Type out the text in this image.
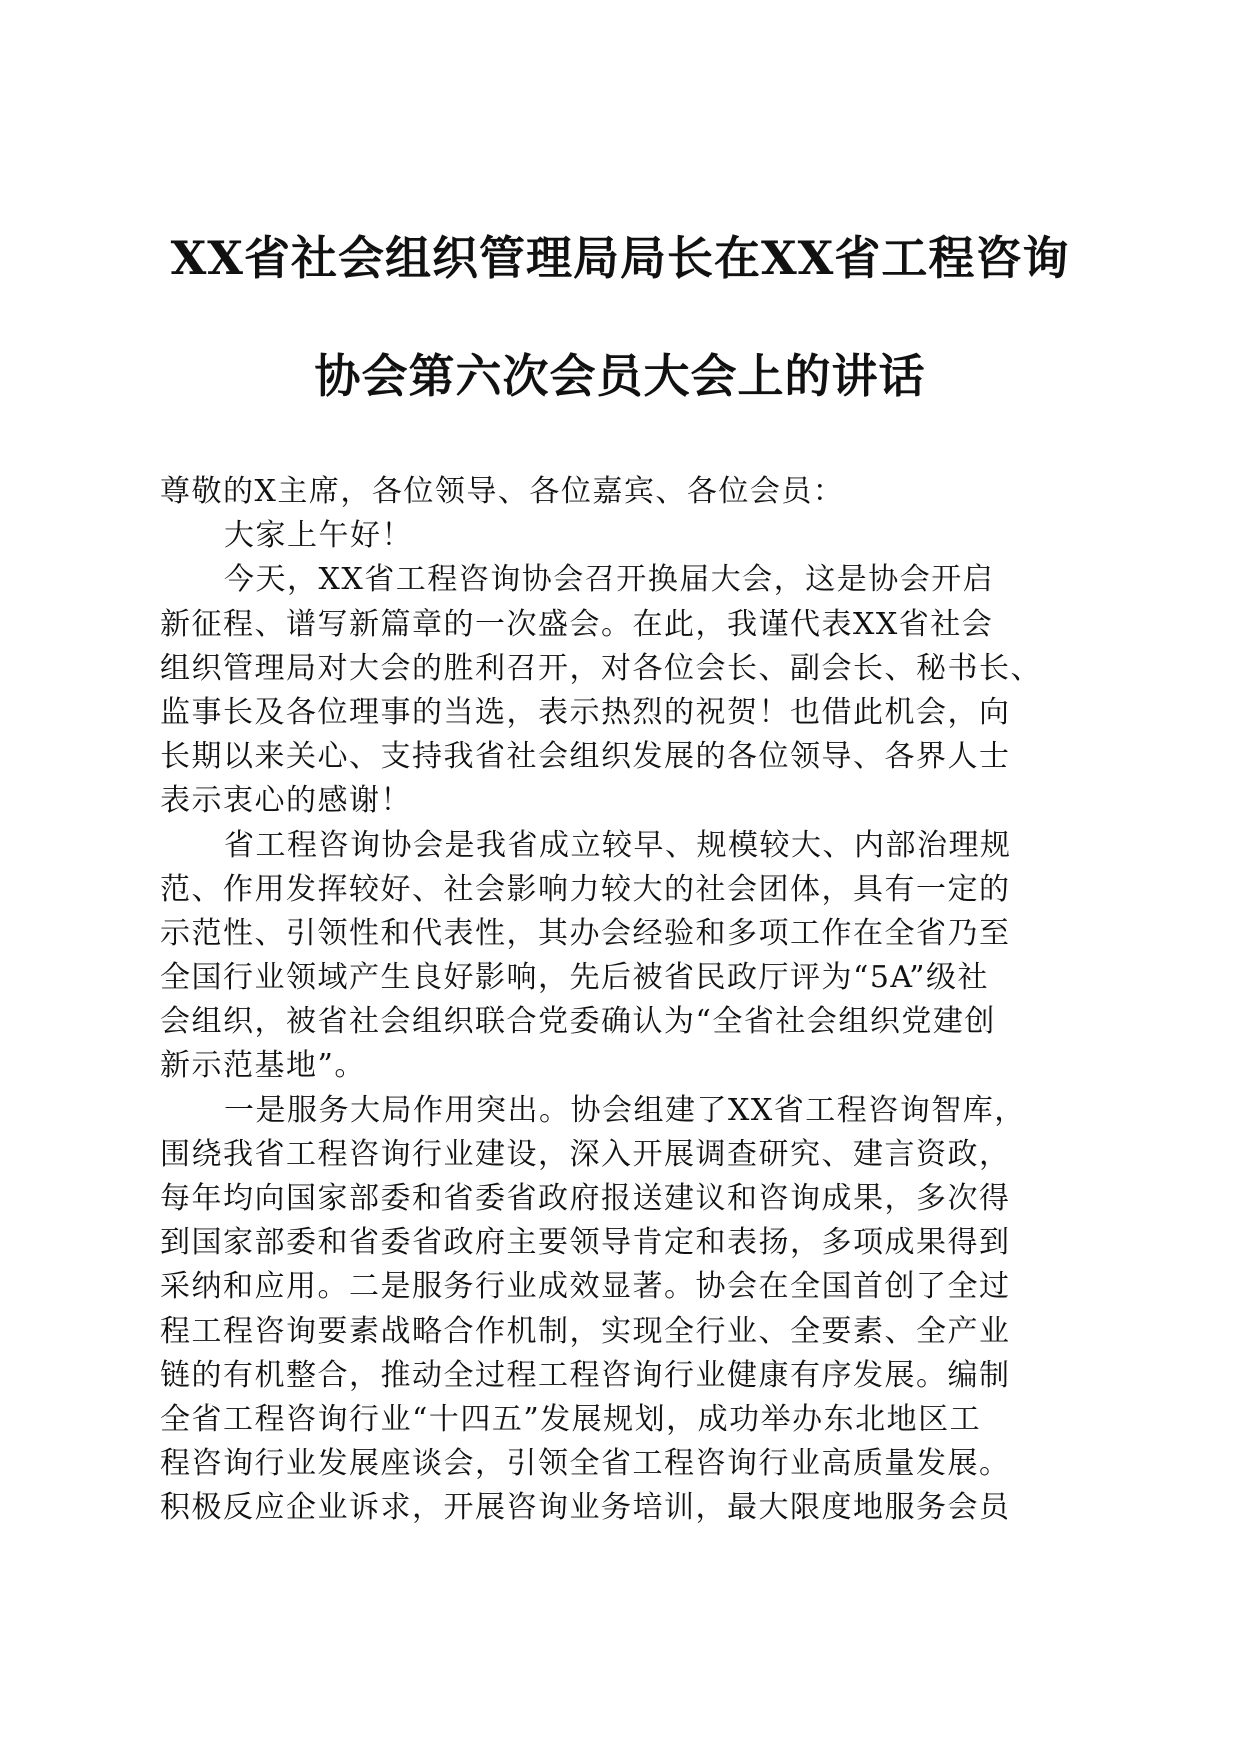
XX省社会组织管理局局长在XX省工程咨询
协会第六次会员大会上的讲话
尊敬的X主席，各位领导、各位嘉宾、各位会员：
大家上午好！
今天，XX省工程咨询协会召开换届大会，这是协会开启
新征程、谱写新篇章的一次盛会。在此，我谨代表XX省社会
组织管理局对大会的胜利召开，对各位会长、副会长、秘书长、
监事长及各位理事的当选，表示热烈的祝贺！也借此机会，向
长期以来关心、支持我省社会组织发展的各位领导、各界人士
表示衷心的感谢！
省工程咨询协会是我省成立较早、规模较大、内部治理规
范、作用发挥较好、社会影响力较大的社会团体，具有一定的
示范性、引领性和代表性，其办会经验和多项工作在全省乃至
全国行业领域产生良好影响，先后被省民政厅评为“5A”级社
会组织，被省社会组织联合党委确认为“全省社会组织党建创
新示范基地”。
一是服务大局作用突出。协会组建了XX省工程咨询智库，
围绕我省工程咨询行业建设，深入开展调查研究、建言资政，
每年均向国家部委和省委省政府报送建议和咨询成果，多次得
到国家部委和省委省政府主要领导肯定和表扬，多项成果得到
采纳和应用。二是服务行业成效显著。协会在全国首创了全过
程工程咨询要素战略合作机制，实现全行业、全要素、全产业
链的有机整合，推动全过程工程咨询行业健康有序发展。编制
全省工程咨询行业“十四五”发展规划，成功举办东北地区工
程咨询行业发展座谈会，引领全省工程咨询行业高质量发展。
积极反应企业诉求，开展咨询业务培训，最大限度地服务会员
